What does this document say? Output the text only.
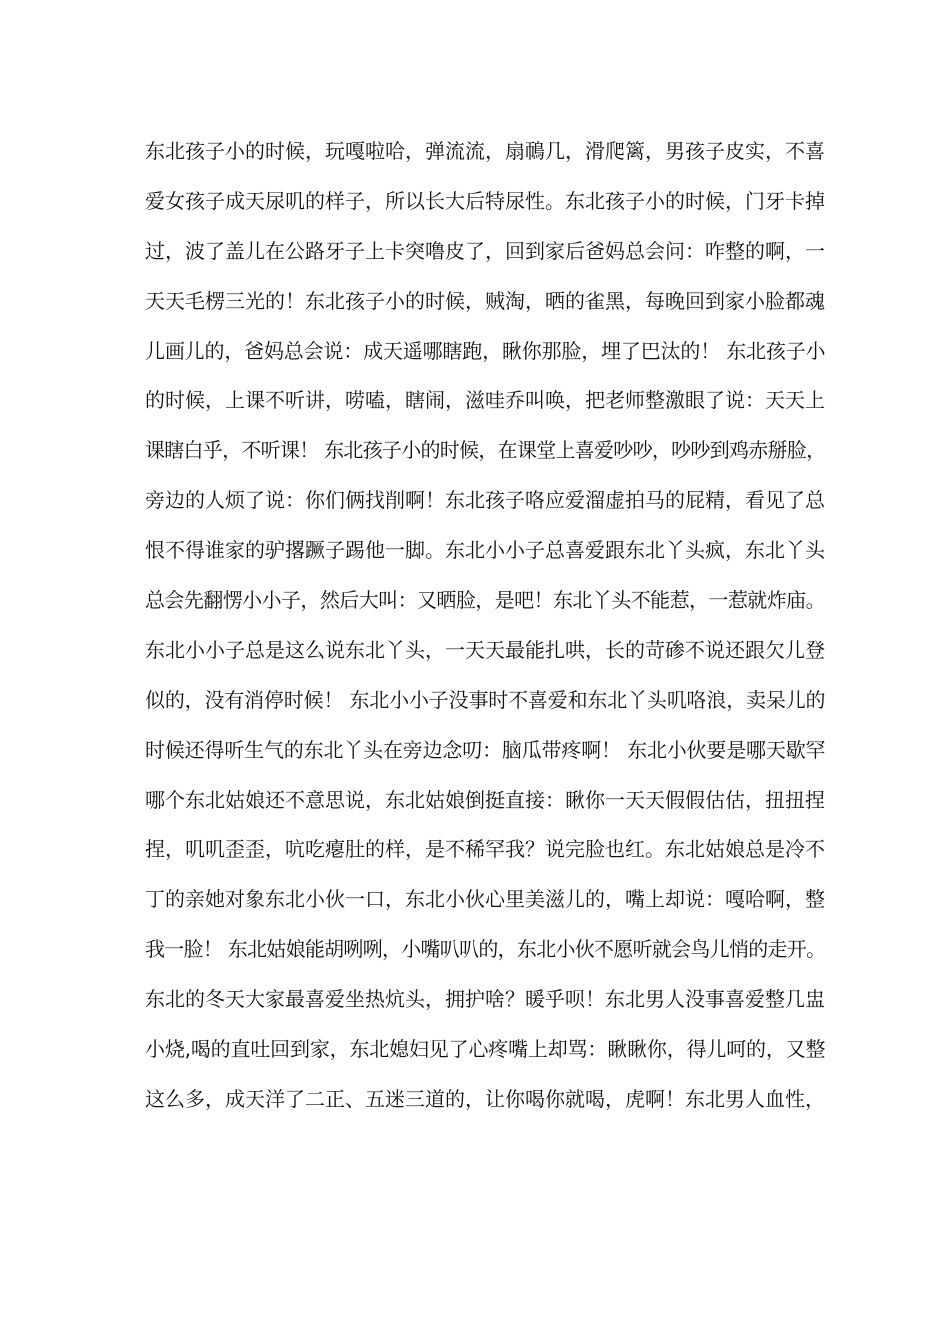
东北孩子小的时候，玩嘎啦哈，弹流流，扇鳾几，滑爬篱，男孩子皮实，不喜
爱女孩子成天尿叽的样子，所以长大后特尿性。东北孩子小的时候，门牙卡掉
过，波了盖儿在公路牙子上卡突噜皮了，回到家后爸妈总会问：咋整的啊，一
天天毛楞三光的！东北孩子小的时候，贼淘，晒的雀黑，每晚回到家小脸都魂
儿画儿的，爸妈总会说：成天遥哪瞎跑，瞅你那脸，埋了巴汰的！ 东北孩子小
的时候，上课不听讲，唠嗑，瞎闹，滋哇乔叫唤，把老师整激眼了说：天天上
课瞎白乎，不听课！ 东北孩子小的时候，在课堂上喜爱吵吵，吵吵到鸡赤掰脸，
旁边的人烦了说：你们俩找削啊！东北孩子咯应爱溜虚拍马的屁精，看见了总
恨不得谁家的驴撂蹶子踢他一脚。东北小小子总喜爱跟东北丫头疯，东北丫头
总会先翻愣小小子，然后大叫：又晒脸，是吧！东北丫头不能惹，一惹就炸庙。
东北小小子总是这么说东北丫头，一天天最能扎哄，长的苛碜不说还跟欠儿登
似的，没有消停时候！ 东北小小子没事时不喜爱和东北丫头叽咯浪，卖呆儿的
时候还得听生气的东北丫头在旁边念叨：脑瓜带疼啊！ 东北小伙要是哪天歇罕
哪个东北姑娘还不意思说，东北姑娘倒挺直接：瞅你一天天假假估估，扭扭捏
捏，叽叽歪歪，吭吃瘪肚的样，是不稀罕我？说完脸也红。东北姑娘总是冷不
丁的亲她对象东北小伙一口，东北小伙心里美滋儿的，嘴上却说：嘎哈啊，整
我一脸！ 东北姑娘能胡咧咧，小嘴叭叭的，东北小伙不愿听就会鸟儿悄的走开。
东北的冬天大家最喜爱坐热炕头，拥护啥？暖乎呗！东北男人没事喜爱整几盅
小烧,喝的直吐回到家，东北媳妇见了心疼嘴上却骂：瞅瞅你，得儿呵的，又整
这么多，成天洋了二正、五迷三道的，让你喝你就喝，虎啊！东北男人血性，
